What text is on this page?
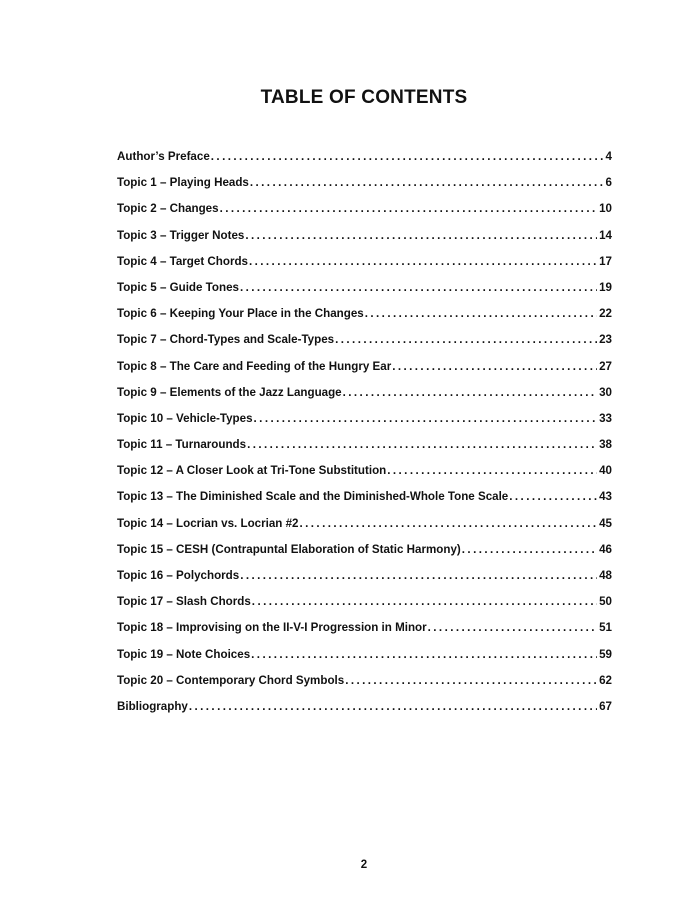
TABLE OF CONTENTS
Author’s Preface . . .	4
Topic 1 – Playing Heads . . .	6
Topic 2 – Changes . . .	10
Topic 3 – Trigger Notes . . .	14
Topic 4 – Target Chords . . .	17
Topic 5 – Guide Tones . . .	19
Topic 6 – Keeping Your Place in the Changes . . .	22
Topic 7 – Chord-Types and Scale-Types . . .	23
Topic 8 – The Care and Feeding of the Hungry Ear . . .	27
Topic 9 – Elements of the Jazz Language . . .	30
Topic 10 – Vehicle-Types . . .	33
Topic 11 – Turnarounds . . .	38
Topic 12 – A Closer Look at Tri-Tone Substitution . . .	40
Topic 13 – The Diminished Scale and the Diminished-Whole Tone Scale . . .	43
Topic 14 – Locrian vs. Locrian #2 . . .	45
Topic 15 – CESH (Contrapuntal Elaboration of Static Harmony) . . .	46
Topic 16 – Polychords . . .	48
Topic 17 – Slash Chords . . .	50
Topic 18 – Improvising on the II-V-I Progression in Minor . . .	51
Topic 19 – Note Choices . . .	59
Topic 20 – Contemporary Chord Symbols . . .	62
Bibliography . . .	67
2
